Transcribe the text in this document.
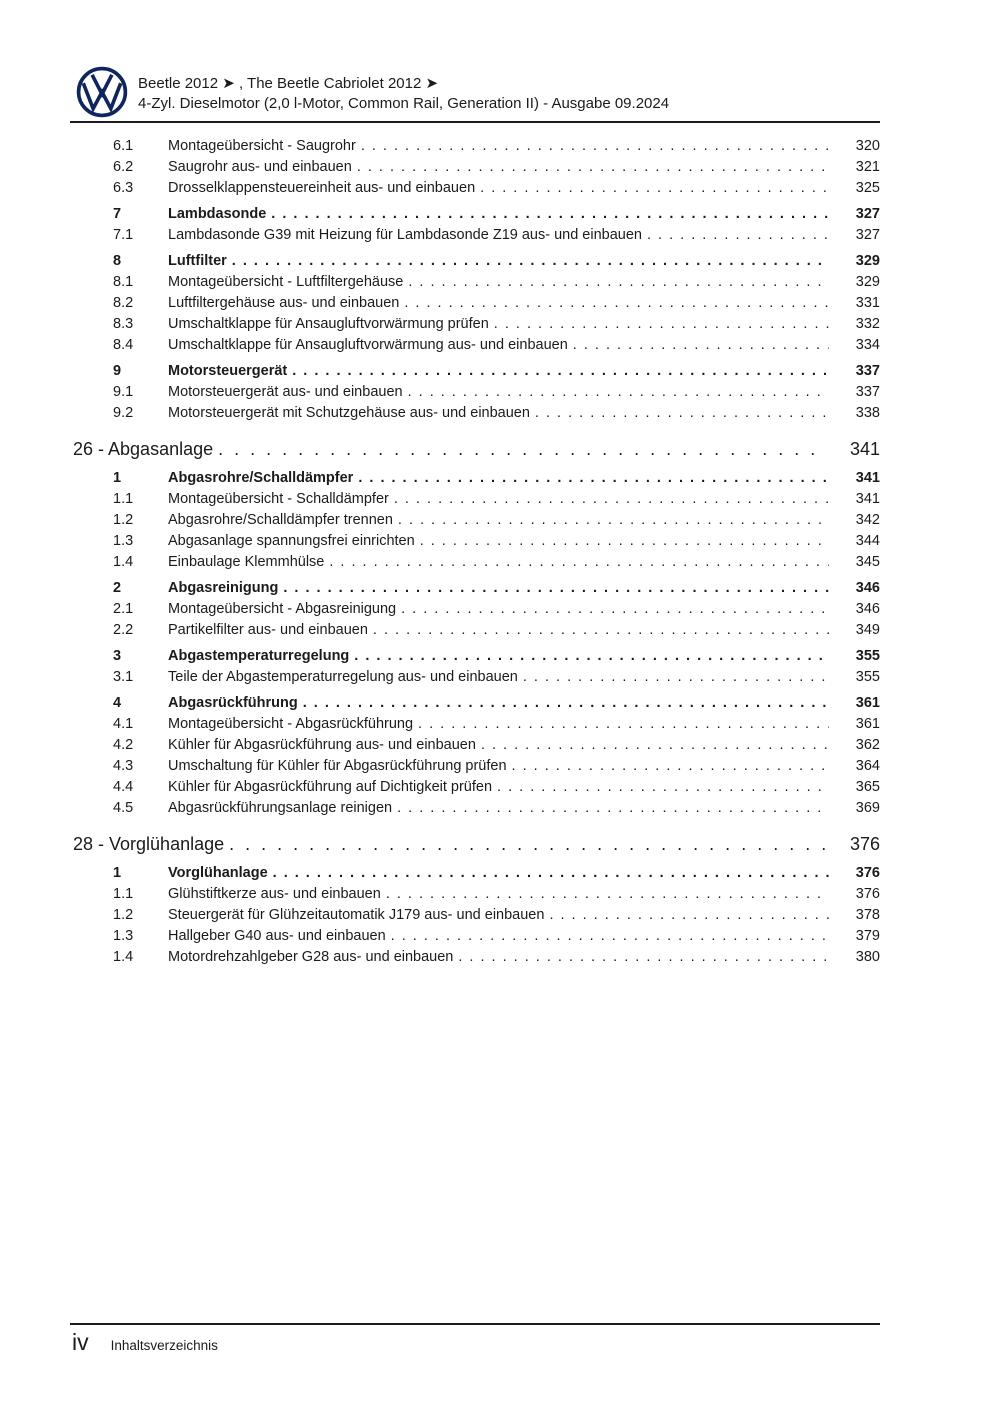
Beetle 2012 ➤ , The Beetle Cabriolet 2012 ➤
4-Zyl. Dieselmotor (2,0 l-Motor, Common Rail, Generation II) - Ausgabe 09.2024
6.1	Montageübersicht - Saugrohr . . .	320
6.2	Saugrohr aus- und einbauen . . .	321
6.3	Drosselklappensteuereinheit aus- und einbauen . . .	325
7	Lambdasonde . . .	327
7.1	Lambdasonde G39 mit Heizung für Lambdasonde Z19 aus- und einbauen . . .	327
8	Luftfilter . . .	329
8.1	Montageübersicht - Luftfiltergehäuse . . .	329
8.2	Luftfiltergehäuse aus- und einbauen . . .	331
8.3	Umschaltklappe für Ansaugluftvorwärmung prüfen . . .	332
8.4	Umschaltklappe für Ansaugluftvorwärmung aus- und einbauen . . .	334
9	Motorsteuergerät . . .	337
9.1	Motorsteuergerät aus- und einbauen . . .	337
9.2	Motorsteuergerät mit Schutzgehäuse aus- und einbauen . . .	338
26 - Abgasanlage . . .	341
1	Abgasrohre/Schalldämpfer . . .	341
1.1	Montageübersicht - Schalldämpfer . . .	341
1.2	Abgasrohre/Schalldämpfer trennen . . .	342
1.3	Abgasanlage spannungsfrei einrichten . . .	344
1.4	Einbaulage Klemmhülse . . .	345
2	Abgasreinigung . . .	346
2.1	Montageübersicht - Abgasreinigung . . .	346
2.2	Partikelfilter aus- und einbauen . . .	349
3	Abgastemperaturregelung . . .	355
3.1	Teile der Abgastemperaturregelung aus- und einbauen . . .	355
4	Abgasrückführung . . .	361
4.1	Montageübersicht - Abgasrückführung . . .	361
4.2	Kühler für Abgasrückführung aus- und einbauen . . .	362
4.3	Umschaltung für Kühler für Abgasrückführung prüfen . . .	364
4.4	Kühler für Abgasrückführung auf Dichtigkeit prüfen . . .	365
4.5	Abgasrückführungsanlage reinigen . . .	369
28 - Vorglühanlage . . .	376
1	Vorglühanlage . . .	376
1.1	Glühstiftkerze aus- und einbauen . . .	376
1.2	Steuergerät für Glühzeitautomatik J179 aus- und einbauen . . .	378
1.3	Hallgeber G40 aus- und einbauen . . .	379
1.4	Motordrehzahlgeber G28 aus- und einbauen . . .	380
iv Inhaltsverzeichnis
